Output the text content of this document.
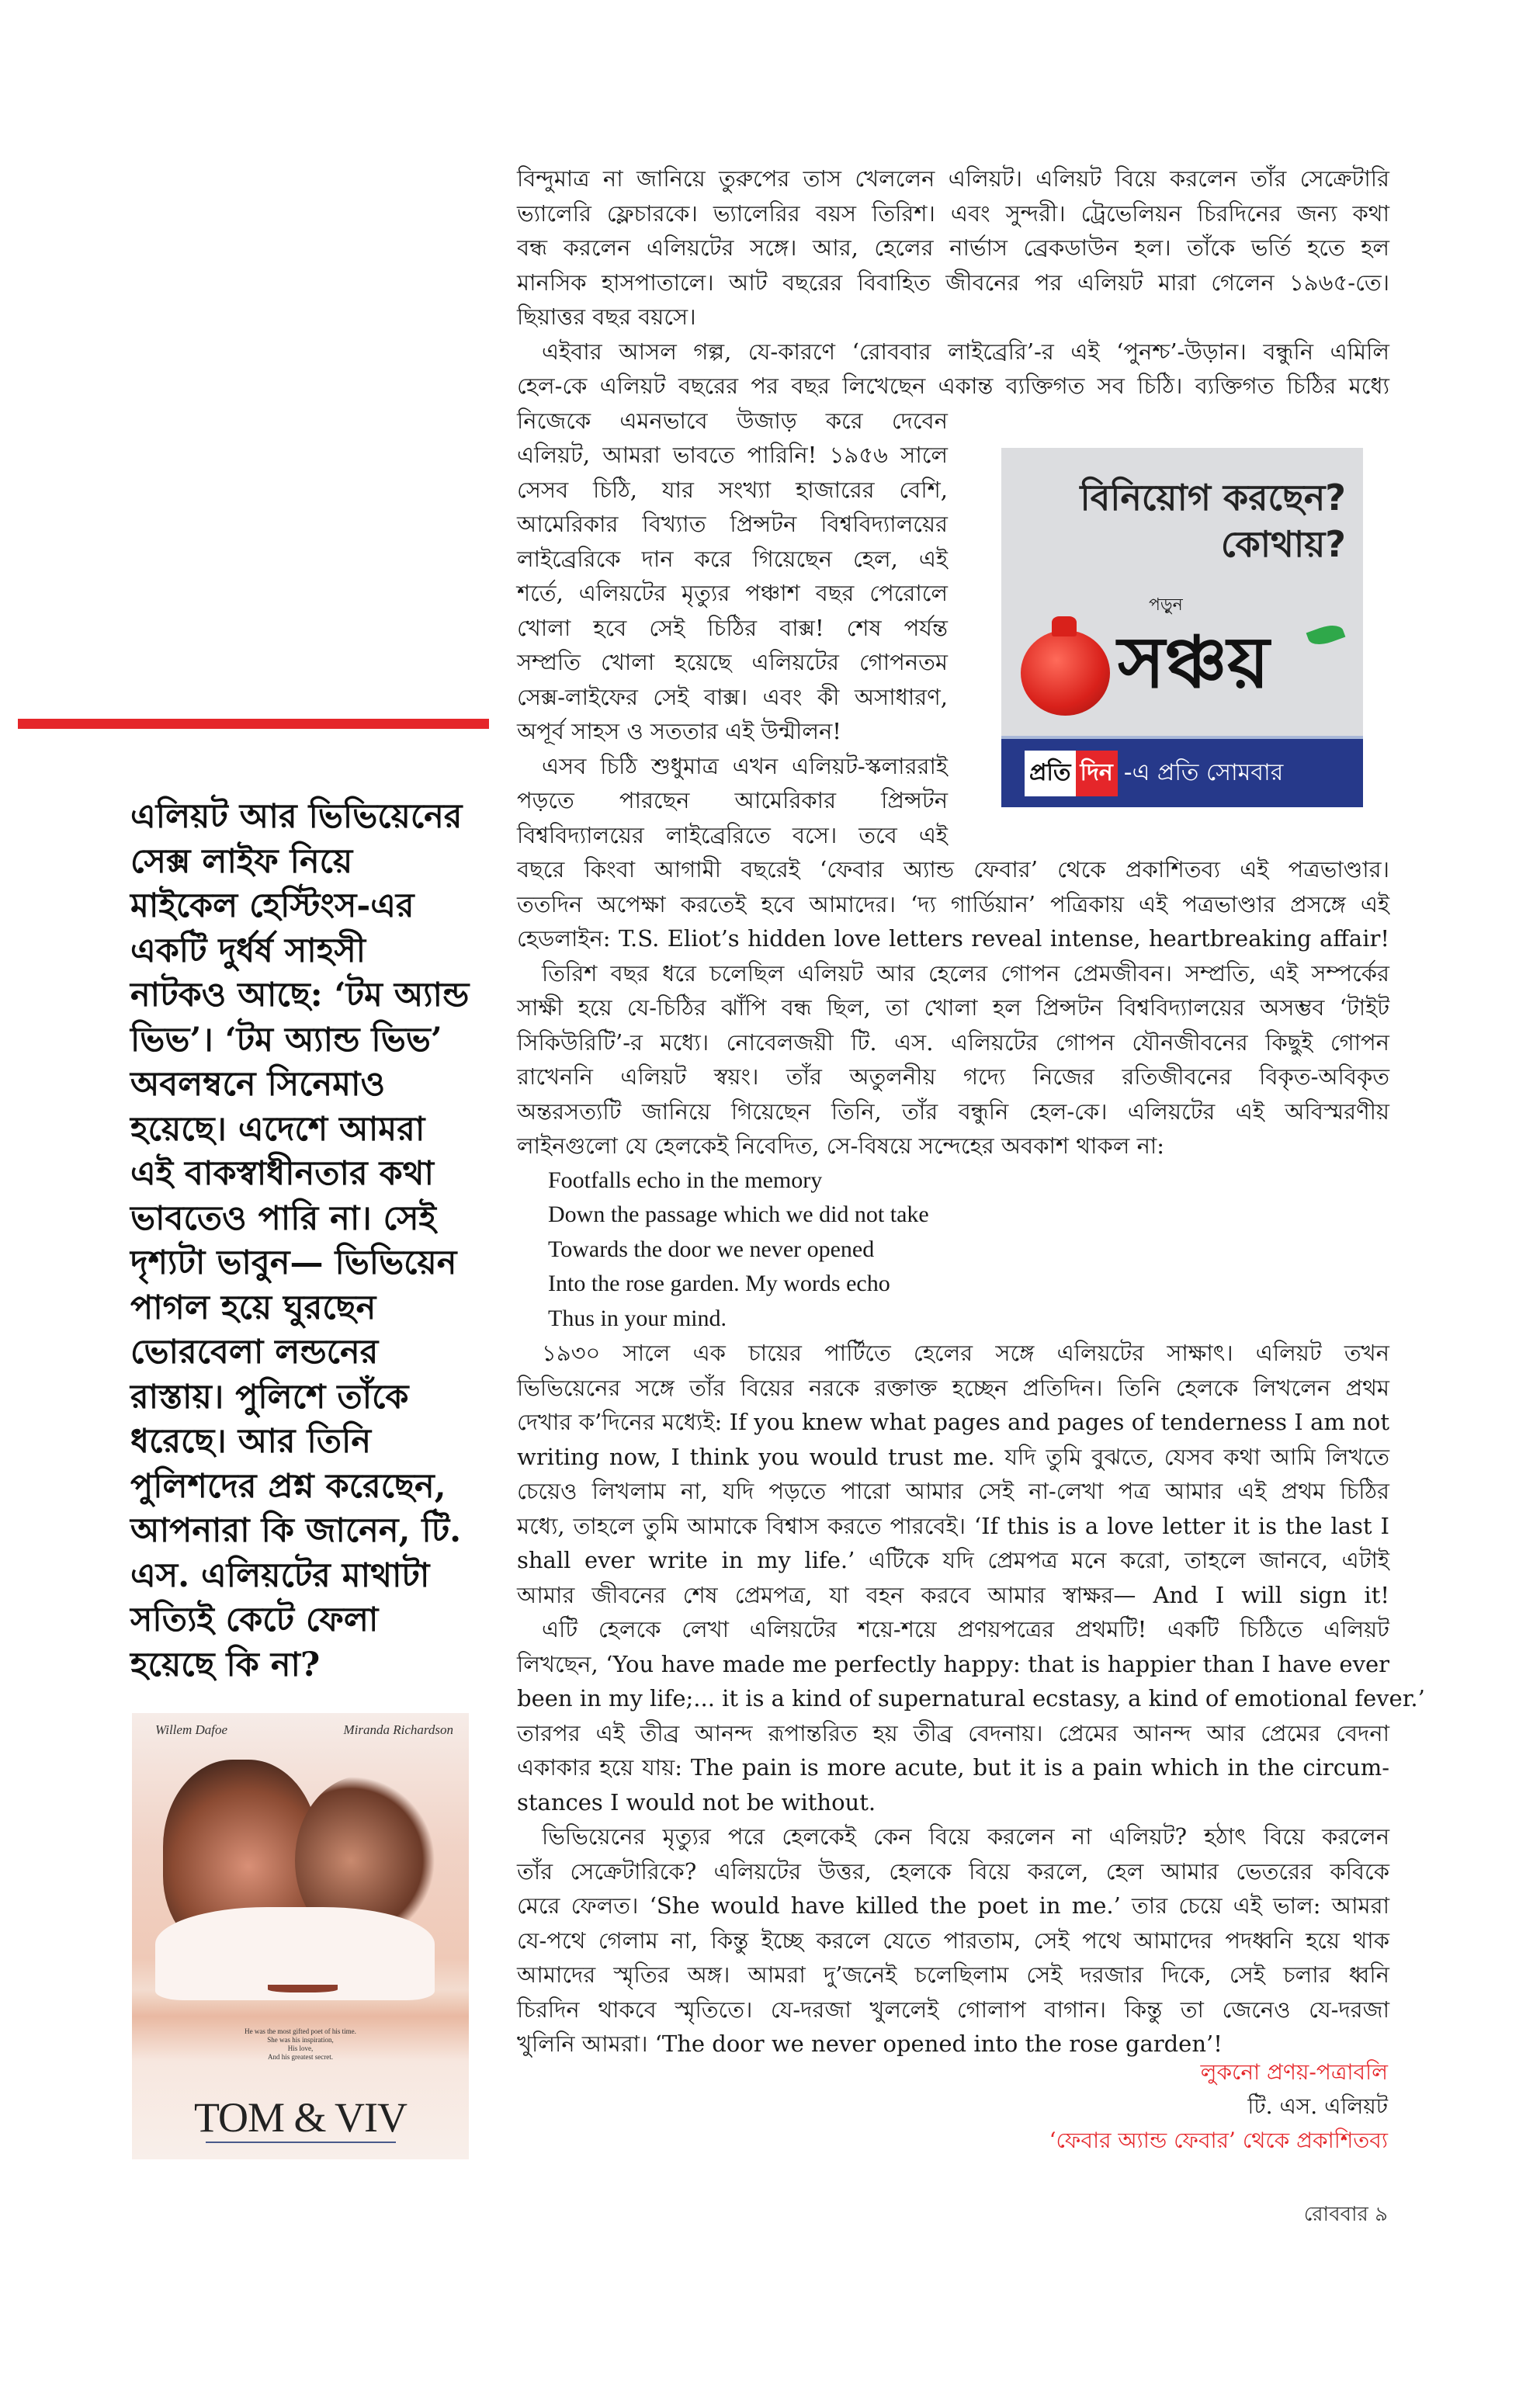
বিন্দুমাত্র না জানিয়ে তুরুপের তাস খেললেন এলিয়ট। এলিয়ট বিয়ে করলেন তাঁর সেক্রেটারি
ভ্যালেরি ফ্লেচারকে। ভ্যালেরির বয়স তিরিশ। এবং সুন্দরী। ট্রেভেলিয়ন চিরদিনের জন্য কথা
বন্ধ করলেন এলিয়টের সঙ্গে। আর, হেলের নার্ভাস ব্রেকডাউন হল। তাঁকে ভর্তি হতে হল
মানসিক হাসপাতালে। আট বছরের বিবাহিত জীবনের পর এলিয়ট মারা গেলেন ১৯৬৫-তে।
ছিয়াত্তর বছর বয়সে।
এইবার আসল গল্প, যে-কারণে ‘রোববার লাইব্রেরি’-র এই ‘পুনশ্চ’-উড়ান। বন্ধুনি এমিলি
হেল-কে এলিয়ট বছরের পর বছর লিখেছেন একান্ত ব্যক্তিগত সব চিঠি। ব্যক্তিগত চিঠির মধ্যে
নিজেকে এমনভাবে উজাড় করে দেবেন
এলিয়ট, আমরা ভাবতে পারিনি! ১৯৫৬ সালে
সেসব চিঠি, যার সংখ্যা হাজারের বেশি,
আমেরিকার বিখ্যাত প্রিন্সটন বিশ্ববিদ্যালয়ের
লাইব্রেরিকে দান করে গিয়েছেন হেল, এই
শর্তে, এলিয়টের মৃত্যুর পঞ্চাশ বছর পেরোলে
খোলা হবে সেই চিঠির বাক্স! শেষ পর্যন্ত
সম্প্রতি খোলা হয়েছে এলিয়টের গোপনতম
সেক্স-লাইফের সেই বাক্স। এবং কী অসাধারণ,
অপূর্ব সাহস ও সততার এই উন্মীলন!
এসব চিঠি শুধুমাত্র এখন এলিয়ট-স্কলাররাই
পড়তে পারছেন আমেরিকার প্রিন্সটন
বিশ্ববিদ্যালয়ের লাইব্রেরিতে বসে। তবে এই
বছরে কিংবা আগামী বছরেই ‘ফেবার অ্যান্ড ফেবার’ থেকে প্রকাশিতব্য এই পত্রভাণ্ডার।
ততদিন অপেক্ষা করতেই হবে আমাদের। ‘দ্য গার্ডিয়ান’ পত্রিকায় এই পত্রভাণ্ডার প্রসঙ্গে এই
হেডলাইন: T.S. Eliot’s hidden love letters reveal intense, heartbreaking affair!
তিরিশ বছর ধরে চলেছিল এলিয়ট আর হেলের গোপন প্রেমজীবন। সম্প্রতি, এই সম্পর্কের
সাক্ষী হয়ে যে-চিঠির ঝাঁপি বন্ধ ছিল, তা খোলা হল প্রিন্সটন বিশ্ববিদ্যালয়ের অসম্ভব ‘টাইট
সিকিউরিটি’-র মধ্যে। নোবেলজয়ী টি. এস. এলিয়টের গোপন যৌনজীবনের কিছুই গোপন
রাখেননি এলিয়ট স্বয়ং। তাঁর অতুলনীয় গদ্যে নিজের রতিজীবনের বিকৃত-অবিকৃত
অন্তরসত্যটি জানিয়ে গিয়েছেন তিনি, তাঁর বন্ধুনি হেল-কে। এলিয়টের এই অবিস্মরণীয়
লাইনগুলো যে হেলকেই নিবেদিত, সে-বিষয়ে সন্দেহের অবকাশ থাকল না:
Footfalls echo in the memory
Down the passage which we did not take
Towards the door we never opened
Into the rose garden. My words echo
Thus in your mind.
১৯৩০ সালে এক চায়ের পার্টিতে হেলের সঙ্গে এলিয়টের সাক্ষাৎ। এলিয়ট তখন
ভিভিয়েনের সঙ্গে তাঁর বিয়ের নরকে রক্তাক্ত হচ্ছেন প্রতিদিন। তিনি হেলকে লিখলেন প্রথম
দেখার ক’দিনের মধ্যেই: If you knew what pages and pages of tenderness I am not
writing now, I think you would trust me. যদি তুমি বুঝতে, যেসব কথা আমি লিখতে
চেয়েও লিখলাম না, যদি পড়তে পারো আমার সেই না-লেখা পত্র আমার এই প্রথম চিঠির
মধ্যে, তাহলে তুমি আমাকে বিশ্বাস করতে পারবেই। ‘If this is a love letter it is the last I
shall ever write in my life.’ এটিকে যদি প্রেমপত্র মনে করো, তাহলে জানবে, এটাই
আমার জীবনের শেষ প্রেমপত্র, যা বহন করবে আমার স্বাক্ষর— And I will sign it!
এটি হেলকে লেখা এলিয়টের শয়ে-শয়ে প্রণয়পত্রের প্রথমটি! একটি চিঠিতে এলিয়ট
লিখছেন, ‘You have made me perfectly happy: that is happier than I have ever
been in my life;... it is a kind of supernatural ecstasy, a kind of emotional fever.’
তারপর এই তীব্র আনন্দ রূপান্তরিত হয় তীব্র বেদনায়। প্রেমের আনন্দ আর প্রেমের বেদনা
একাকার হয়ে যায়: The pain is more acute, but it is a pain which in the circum-
stances I would not be without.
ভিভিয়েনের মৃত্যুর পরে হেলকেই কেন বিয়ে করলেন না এলিয়ট? হঠাৎ বিয়ে করলেন
তাঁর সেক্রেটারিকে? এলিয়টের উত্তর, হেলকে বিয়ে করলে, হেল আমার ভেতরের কবিকে
মেরে ফেলত। ‘She would have killed the poet in me.’ তার চেয়ে এই ভাল: আমরা
যে-পথে গেলাম না, কিন্তু ইচ্ছে করলে যেতে পারতাম, সেই পথে আমাদের পদধ্বনি হয়ে থাক
আমাদের স্মৃতির অঙ্গ। আমরা দু’জনেই চলেছিলাম সেই দরজার দিকে, সেই চলার ধ্বনি
চিরদিন থাকবে স্মৃতিতে। যে-দরজা খুললেই গোলাপ বাগান। কিন্তু তা জেনেও যে-দরজা
খুলিনি আমরা। ‘The door we never opened into the rose garden’!
এলিয়ট আর ভিভিয়েনের
সেক্স লাইফ নিয়ে
মাইকেল হেস্টিংস-এর
একটি দুর্ধর্ষ সাহসী
নাটকও আছে: ‘টম অ্যান্ড
ভিভ’। ‘টম অ্যান্ড ভিভ’
অবলম্বনে সিনেমাও
হয়েছে। এদেশে আমরা
এই বাকস্বাধীনতার কথা
ভাবতেও পারি না। সেই
দৃশ্যটা ভাবুন— ভিভিয়েন
পাগল হয়ে ঘুরছেন
ভোরবেলা লন্ডনের
রাস্তায়। পুলিশে তাঁকে
ধরেছে। আর তিনি
পুলিশদের প্রশ্ন করেছেন,
আপনারা কি জানেন, টি.
এস. এলিয়টের মাথাটা
সত্যিই কেটে ফেলা
হয়েছে কি না?
বিনিয়োগ করছেন?
কোথায়?
পড়ুন
সঞ্চয়
প্রতি দিন -এ প্রতি সোমবার
Willem Dafoe	Miranda Richardson
He was the most gifted poet of his time.
She was his inspiration,
His love,
And his greatest secret.
TOM & VIV
লুকনো প্রণয়-পত্রাবলি
টি. এস. এলিয়ট
‘ফেবার অ্যান্ড ফেবার’ থেকে প্রকাশিতব্য
রোববার ৯
